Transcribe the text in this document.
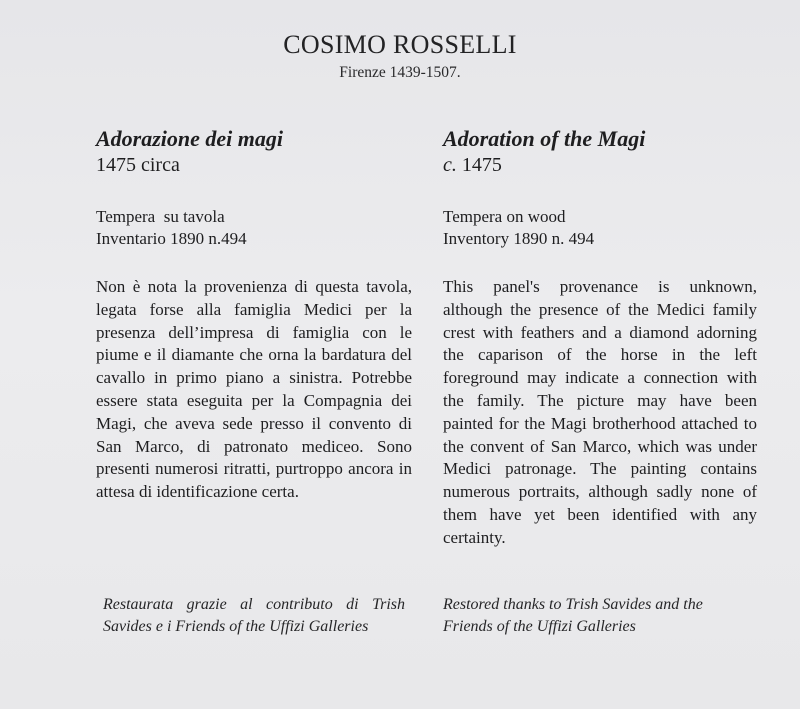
COSIMO ROSSELLI
Firenze 1439-1507.
Adorazione dei magi
1475 circa
Tempera  su tavola
Inventario 1890 n.494
Non è nota la provenienza di questa tavola, legata forse alla famiglia Medici per la presenza dell’impresa di famiglia con le piume e il diamante che orna la bardatura del cavallo in primo piano a sinistra. Potrebbe essere stata eseguita per la Compagnia dei Magi, che aveva sede presso il convento di San Marco, di patronato mediceo. Sono presenti numerosi ritratti, purtroppo ancora in attesa di identificazione certa.
Adoration of the Magi
c. 1475
Tempera on wood
Inventory 1890 n. 494
This panel's provenance is unknown, although the presence of the Medici family crest with feathers and a diamond adorning the caparison of the horse in the left foreground may indicate a connection with the family. The picture may have been painted for the Magi brotherhood attached to the convent of San Marco, which was under Medici patronage. The painting contains numerous portraits, although sadly none of them have yet been identified with any certainty.
Restaurata grazie al contributo di Trish Savides e i Friends of the Uffizi Galleries
Restored thanks to Trish Savides and the Friends of the Uffizi Galleries
